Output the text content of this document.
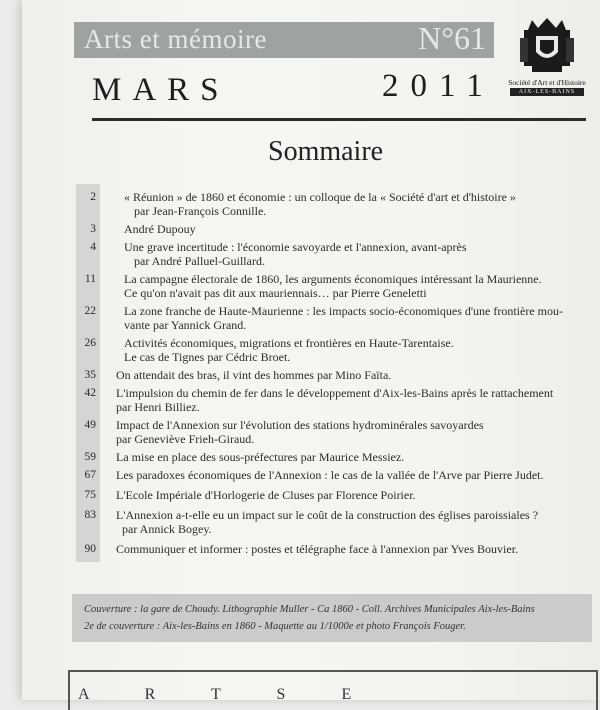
Arts et mémoire	N°61
Société d'Art et d'Histoire
AIX-LES-BAINS
MARS	2011
Sommaire
2
3
4
11
22
26
35
42
49
59
67
75
83
90
« Réunion » de 1860 et économie : un colloque de la « Société d'art et d'histoire »
par Jean-François Connille.
André Dupouy
Une grave incertitude : l'économie savoyarde et l'annexion, avant-après
par André Palluel-Guillard.
La campagne électorale de 1860, les arguments économiques intéressant la Maurienne.
Ce qu'on n'avait pas dit aux mauriennais… par Pierre Geneletti
La zone franche de Haute-Maurienne : les impacts socio-économiques d'une frontière mou-
vante par Yannick Grand.
Activités économiques, migrations et frontières en Haute-Tarentaise.
Le cas de Tignes par Cédric Broet.
On attendait des bras, il vint des hommes par Mino Faïta.
L'impulsion du chemin de fer dans le développement d'Aix-les-Bains après le rattachement
par Henri Billiez.
Impact de l'Annexion sur l'évolution des stations hydrominérales savoyardes
par Geneviève Frieh-Giraud.
La mise en place des sous-préfectures par Maurice Messiez.
Les paradoxes économiques de l'Annexion : le cas de la vallée de l'Arve par Pierre Judet.
L'Ecole Impériale d'Horlogerie de Cluses par Florence Poirier.
L'Annexion a-t-elle eu un impact sur le coût de la construction des églises paroissiales ?
par Annick Bogey.
Communiquer et informer : postes et télégraphe face à l'annexion par Yves Bouvier.
Couverture : la gare de Choudy. Lithographie Muller - Ca 1860 - Coll. Archives Municipales Aix-les-Bains
2e de couverture : Aix-les-Bains en 1860 - Maquette au 1/1000e et photo François Fouger.
A R T S E
